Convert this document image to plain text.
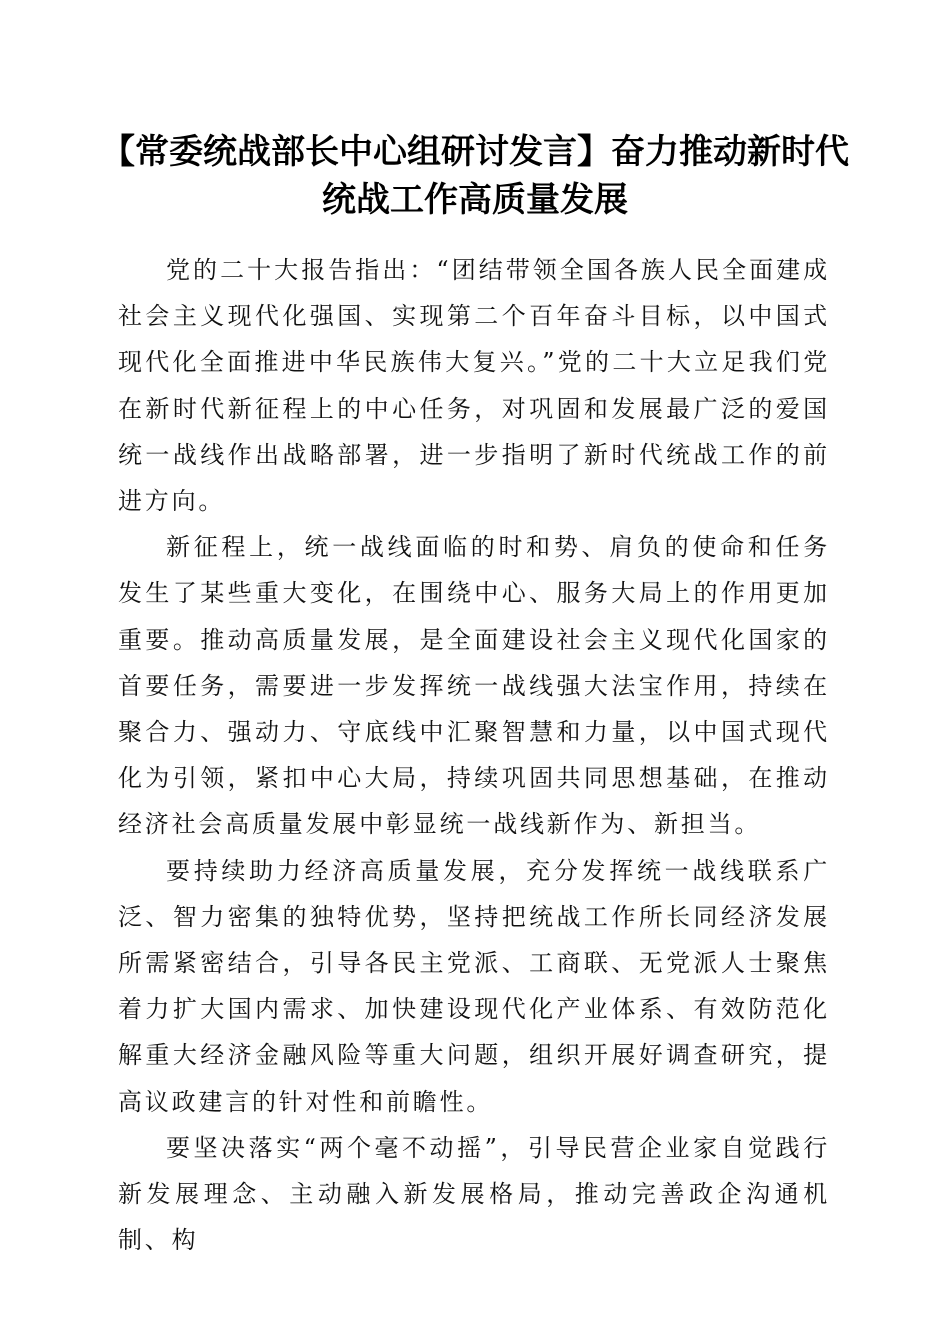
【常委统战部长中心组研讨发言】奋力推动新时代统战工作高质量发展

党的二十大报告指出：“团结带领全国各族人民全面建成社会主义现代化强国、实现第二个百年奋斗目标，以中国式现代化全面推进中华民族伟大复兴。”党的二十大立足我们党在新时代新征程上的中心任务，对巩固和发展最广泛的爱国统一战线作出战略部署，进一步指明了新时代统战工作的前进方向。

新征程上，统一战线面临的时和势、肩负的使命和任务发生了某些重大变化，在围绕中心、服务大局上的作用更加重要。推动高质量发展，是全面建设社会主义现代化国家的首要任务，需要进一步发挥统一战线强大法宝作用，持续在聚合力、强动力、守底线中汇聚智慧和力量，以中国式现代化为引领，紧扣中心大局，持续巩固共同思想基础，在推动经济社会高质量发展中彰显统一战线新作为、新担当。

要持续助力经济高质量发展，充分发挥统一战线联系广泛、智力密集的独特优势，坚持把统战工作所长同经济发展所需紧密结合，引导各民主党派、工商联、无党派人士聚焦着力扩大国内需求、加快建设现代化产业体系、有效防范化解重大经济金融风险等重大问题，组织开展好调查研究，提高议政建言的针对性和前瞻性。

要坚决落实“两个毫不动摇”，引导民营企业家自觉践行新发展理念、主动融入新发展格局，推动完善政企沟通机制、构
